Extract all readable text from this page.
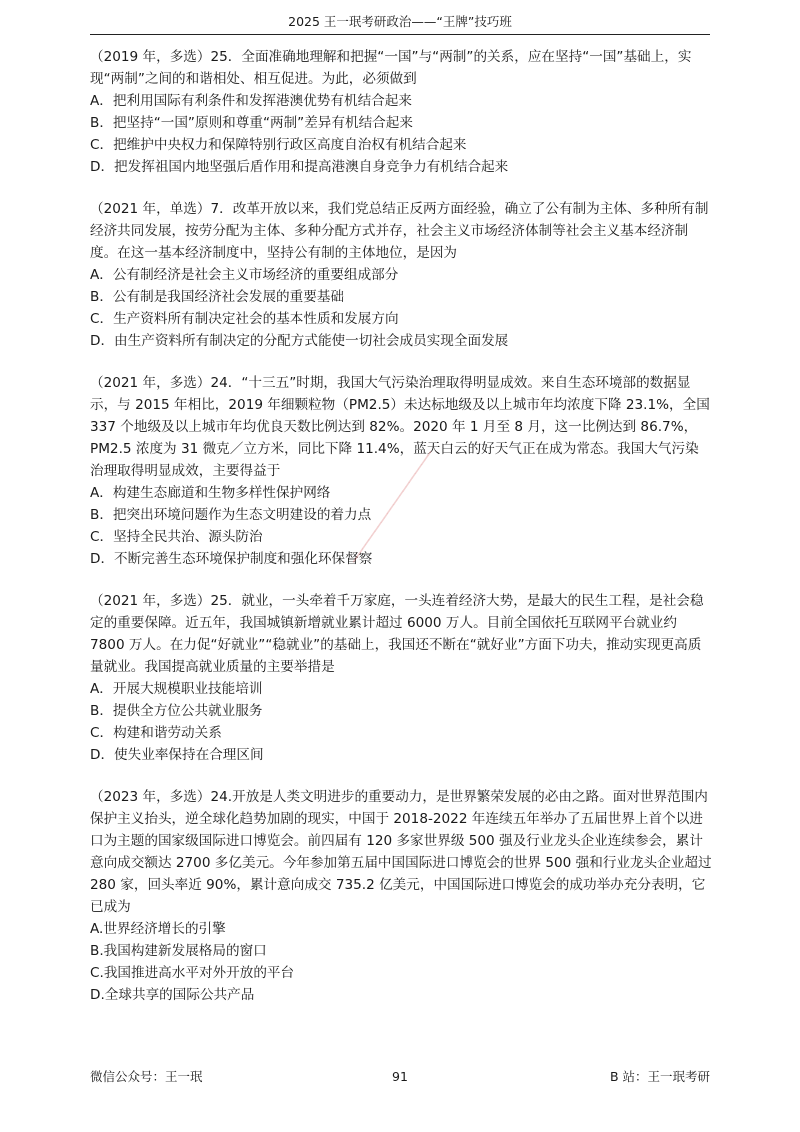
2025 王一珉考研政治——“王牌”技巧班

（2019 年，多选）25．全面准确地理解和把握“一国”与“两制”的关系，应在坚持“一国”基础上，实现“两制”之间的和谐相处、相互促进。为此，必须做到

A．把利用国际有利条件和发挥港澳优势有机结合起来

B．把坚持“一国”原则和尊重“两制”差异有机结合起来

C．把维护中央权力和保障特别行政区高度自治权有机结合起来

D．把发挥祖国内地坚强后盾作用和提高港澳自身竞争力有机结合起来

（2021 年，单选）7．改革开放以来，我们党总结正反两方面经验，确立了公有制为主体、多种所有制经济共同发展，按劳分配为主体、多种分配方式并存，社会主义市场经济体制等社会主义基本经济制度。在这一基本经济制度中，坚持公有制的主体地位，是因为

A．公有制经济是社会主义市场经济的重要组成部分

B．公有制是我国经济社会发展的重要基础

C．生产资料所有制决定社会的基本性质和发展方向

D．由生产资料所有制决定的分配方式能使一切社会成员实现全面发展

（2021 年，多选）24．“十三五”时期，我国大气污染治理取得明显成效。来自生态环境部的数据显示，与 2015 年相比，2019 年细颗粒物（PM2.5）未达标地级及以上城市年均浓度下降 23.1%，全国 337 个地级及以上城市年均优良天数比例达到 82%。2020 年 1 月至 8 月，这一比例达到 86.7%，PM2.5 浓度为 31 微克／立方米，同比下降 11.4%，蓝天白云的好天气正在成为常态。我国大气污染治理取得明显成效，主要得益于

A．构建生态廊道和生物多样性保护网络

B．把突出环境问题作为生态文明建设的着力点

C．坚持全民共治、源头防治

D．不断完善生态环境保护制度和强化环保督察

（2021 年，多选）25．就业，一头牵着千万家庭，一头连着经济大势，是最大的民生工程，是社会稳定的重要保障。近五年，我国城镇新增就业累计超过 6000 万人。目前全国依托互联网平台就业约 7800 万人。在力促“好就业”“稳就业”的基础上，我国还不断在“就好业”方面下功夫，推动实现更高质量就业。我国提高就业质量的主要举措是

A．开展大规模职业技能培训

B．提供全方位公共就业服务

C．构建和谐劳动关系

D．使失业率保持在合理区间

（2023 年，多选）24.开放是人类文明进步的重要动力，是世界繁荣发展的必由之路。面对世界范围内保护主义抬头，逆全球化趋势加剧的现实，中国于 2018-2022 年连续五年举办了五届世界上首个以进口为主题的国家级国际进口博览会。前四届有 120 多家世界级 500 强及行业龙头企业连续参会，累计意向成交额达 2700 多亿美元。今年参加第五届中国国际进口博览会的世界 500 强和行业龙头企业超过 280 家，回头率近 90%，累计意向成交 735.2 亿美元，中国国际进口博览会的成功举办充分表明，它已成为

A.世界经济增长的引擎

B.我国构建新发展格局的窗口

C.我国推进高水平对外开放的平台

D.全球共享的国际公共产品

━━━━━━━━━━━━━━━━━━━━━━━━━
微信公众号：王一珉	91	B 站：王一珉考研
